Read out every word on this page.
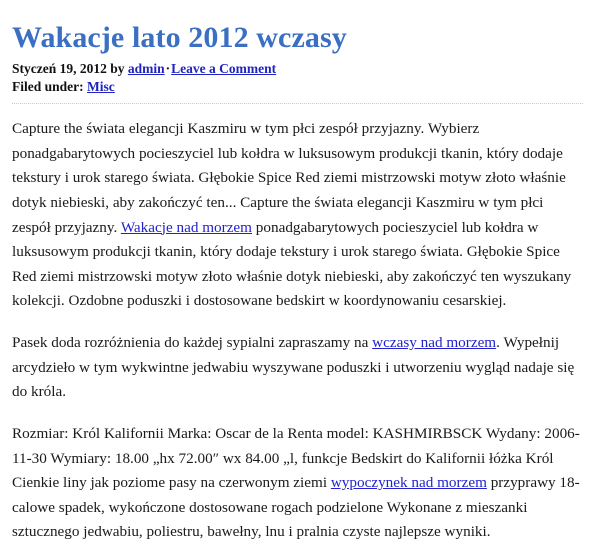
Wakacje lato 2012 wczasy
Styczeń 19, 2012 by admin·Leave a Comment
Filed under: Misc

Capture the świata elegancji Kaszmiru w tym płci zespół przyjazny. Wybierz ponadgabarytowych pocieszyciel lub kołdra w luksusowym produkcji tkanin, który dodaje tekstury i urok starego świata. Głębokie Spice Red ziemi mistrzowski motyw złoto właśnie dotyk niebieski, aby zakończyć ten... Capture the świata elegancji Kaszmiru w tym płci zespół przyjazny. Wakacje nad morzem ponadgabarytowych pocieszyciel lub kołdra w luksusowym produkcji tkanin, który dodaje tekstury i urok starego świata. Głębokie Spice Red ziemi mistrzowski motyw złoto właśnie dotyk niebieski, aby zakończyć ten wyszukany kolekcji. Ozdobne poduszki i dostosowane bedskirt w koordynowaniu cesarskiej.

Pasek doda rozróżnienia do każdej sypialni zapraszamy na wczasy nad morzem. Wypełnij arcydzieło w tym wykwintne jedwabiu wyszywane poduszki i utworzeniu wygląd nadaje się do króla.

Rozmiar: Król Kalifornii Marka: Oscar de la Renta model: KASHMIRBSCK Wydany: 2006-11-30 Wymiary: 18.00 „hx 72.00″ wx 84.00 „l, funkcje Bedskirt do Kalifornii łóżka Król Cienkie liny jak poziome pasy na czerwonym ziemi wypoczynek nad morzem przyprawy 18-calowe spadek, wykończone dostosowane rogach podzielone Wykonane z mieszanki sztucznego jedwabiu, poliestru, bawełny, lnu i pralnia czyste najlepsze wyniki.
